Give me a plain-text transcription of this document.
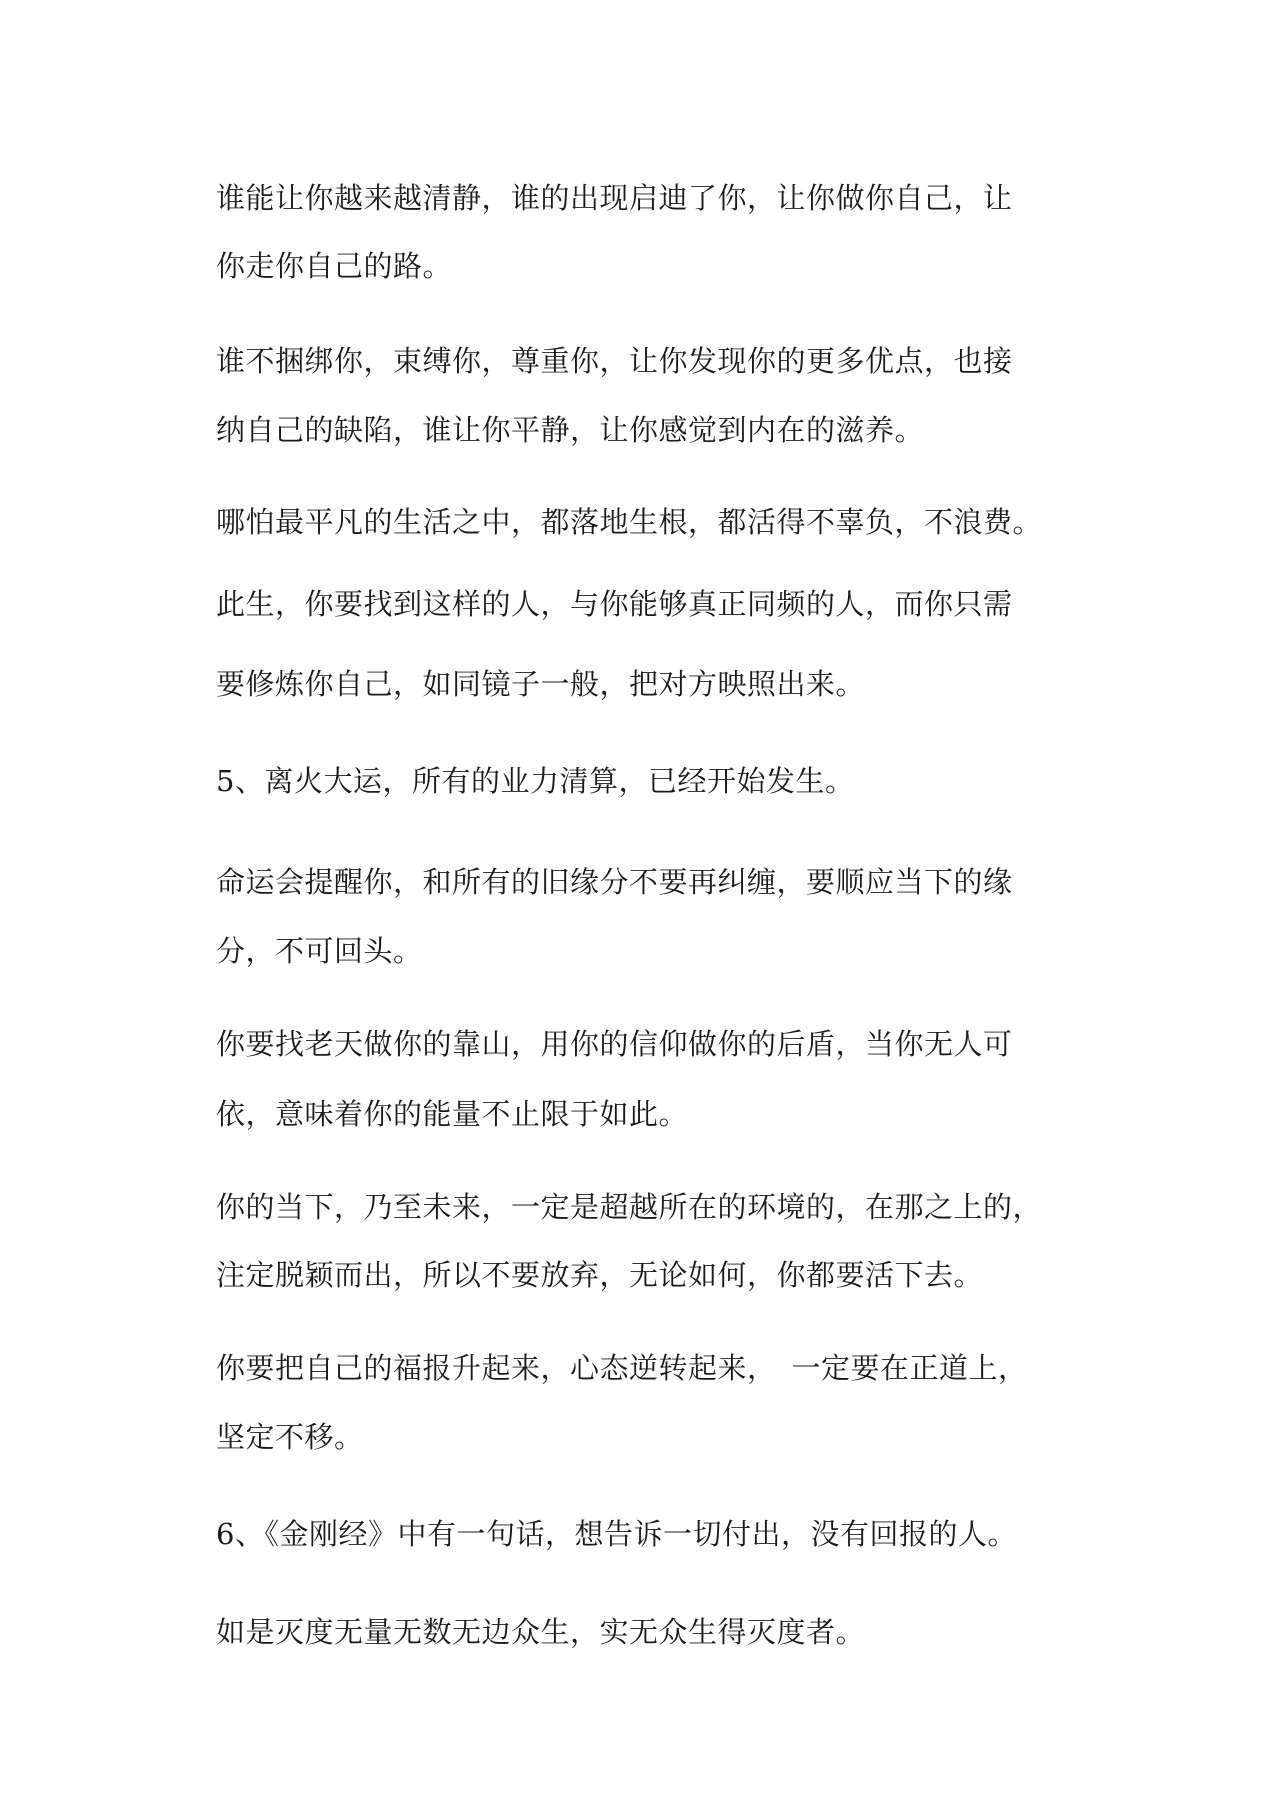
谁能让你越来越清静，谁的出现启迪了你，让你做你自己，让
你走你自己的路。
谁不捆绑你，束缚你，尊重你，让你发现你的更多优点，也接
纳自己的缺陷，谁让你平静，让你感觉到内在的滋养。
哪怕最平凡的生活之中，都落地生根，都活得不辜负，不浪费。
此生，你要找到这样的人，与你能够真正同频的人，而你只需
要修炼你自己，如同镜子一般，把对方映照出来。
5、离火大运，所有的业力清算，已经开始发生。
命运会提醒你，和所有的旧缘分不要再纠缠，要顺应当下的缘
分，不可回头。
你要找老天做你的靠山，用你的信仰做你的后盾，当你无人可
依，意味着你的能量不止限于如此。
你的当下，乃至未来，一定是超越所在的环境的，在那之上的，
注定脱颖而出，所以不要放弃，无论如何，你都要活下去。
你要把自己的福报升起来，心态逆转起来，　一定要在正道上，
坚定不移。
6、《金刚经》中有一句话，想告诉一切付出，没有回报的人。
如是灭度无量无数无边众生，实无众生得灭度者。
